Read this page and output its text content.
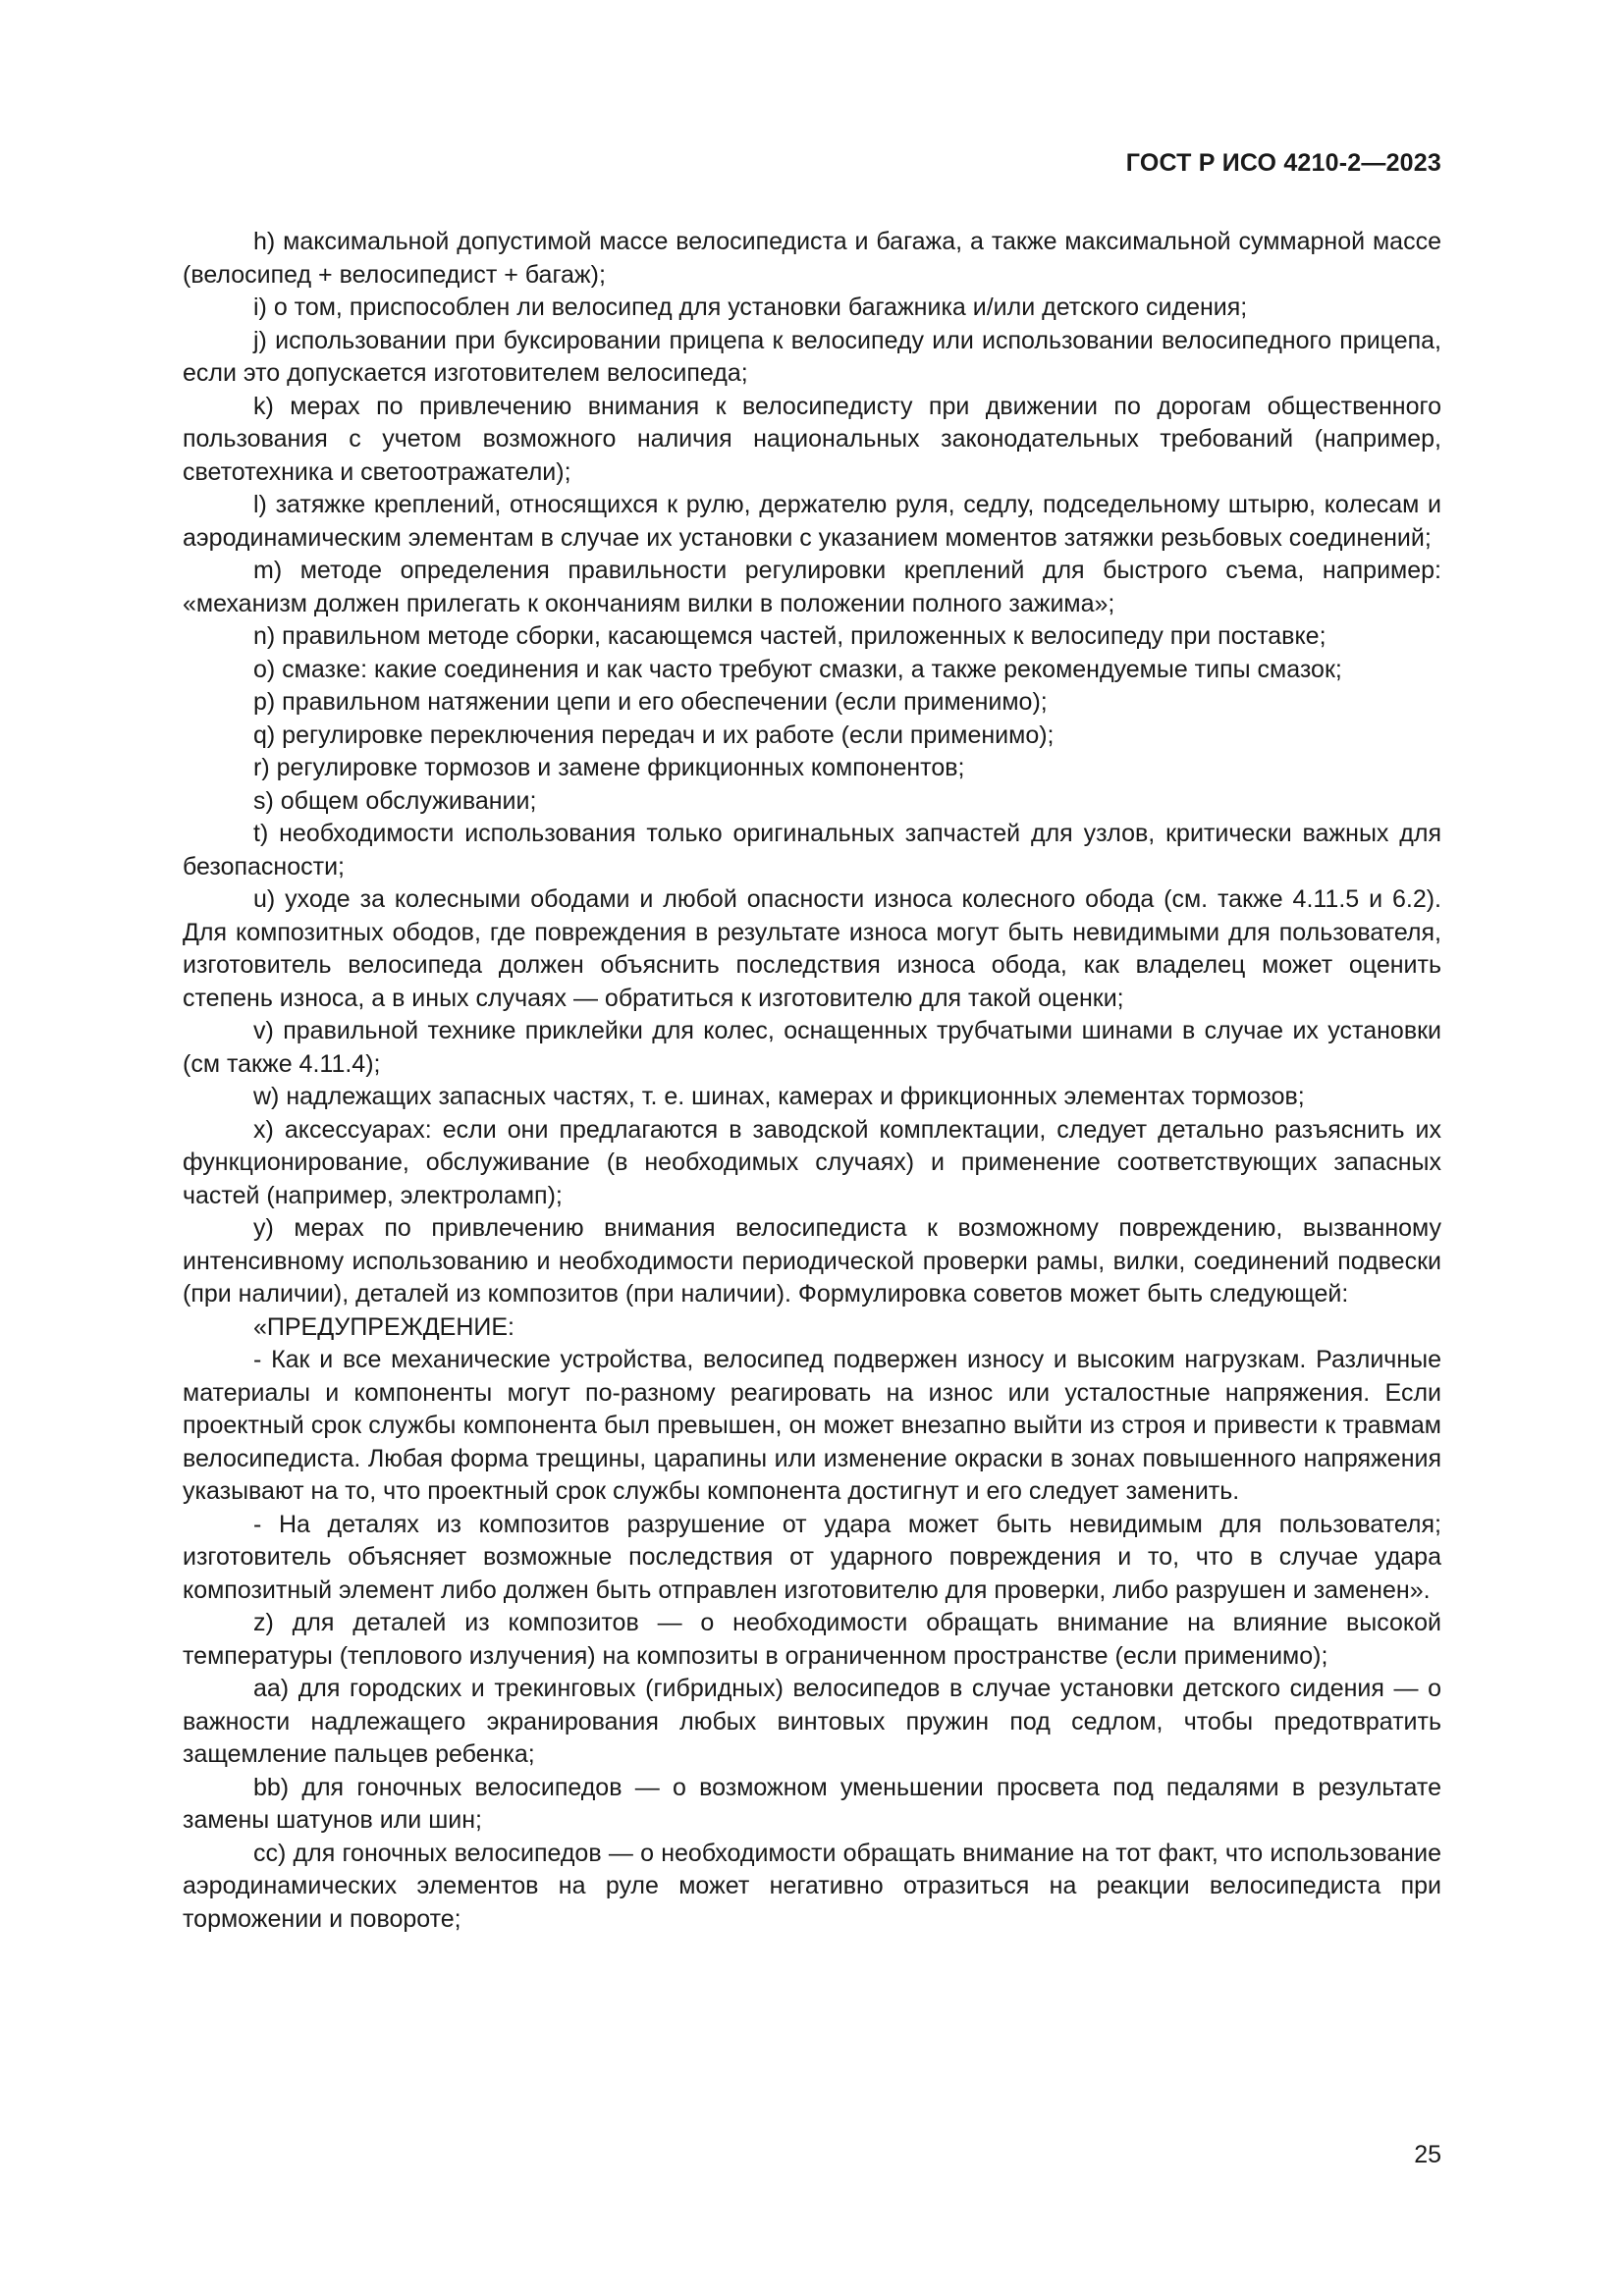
ГОСТ Р ИСО 4210-2—2023

h) максимальной допустимой массе велосипедиста и багажа, а также максимальной суммарной массе (велосипед + велосипедист + багаж);

i) о том, приспособлен ли велосипед для установки багажника и/или детского сидения;

j) использовании при буксировании прицепа к велосипеду или использовании велосипедного прицепа, если это допускается изготовителем велосипеда;

k) мерах по привлечению внимания к велосипедисту при движении по дорогам общественного пользования с учетом возможного наличия национальных законодательных требований (например, светотехника и светоотражатели);

l) затяжке креплений, относящихся к рулю, держателю руля, седлу, подседельному штырю, колесам и аэродинамическим элементам в случае их установки с указанием моментов затяжки резьбовых соединений;

m) методе определения правильности регулировки креплений для быстрого съема, например: «механизм должен прилегать к окончаниям вилки в положении полного зажима»;

n) правильном методе сборки, касающемся частей, приложенных к велосипеду при поставке;

o) смазке: какие соединения и как часто требуют смазки, а также рекомендуемые типы смазок;

p) правильном натяжении цепи и его обеспечении (если применимо);

q) регулировке переключения передач и их работе (если применимо);

r) регулировке тормозов и замене фрикционных компонентов;

s) общем обслуживании;

t) необходимости использования только оригинальных запчастей для узлов, критически важных для безопасности;

u) уходе за колесными ободами и любой опасности износа колесного обода (см. также 4.11.5 и 6.2). Для композитных ободов, где повреждения в результате износа могут быть невидимыми для пользователя, изготовитель велосипеда должен объяснить последствия износа обода, как владелец может оценить степень износа, а в иных случаях — обратиться к изготовителю для такой оценки;

v) правильной технике приклейки для колес, оснащенных трубчатыми шинами в случае их установки (см также 4.11.4);

w) надлежащих запасных частях, т. е. шинах, камерах и фрикционных элементах тормозов;

x) аксессуарах: если они предлагаются в заводской комплектации, следует детально разъяснить их функционирование, обслуживание (в необходимых случаях) и применение соответствующих запасных частей (например, электроламп);

y) мерах по привлечению внимания велосипедиста к возможному повреждению, вызванному интенсивному использованию и необходимости периодической проверки рамы, вилки, соединений подвески (при наличии), деталей из композитов (при наличии). Формулировка советов может быть следующей:

«ПРЕДУПРЕЖДЕНИЕ:

- Как и все механические устройства, велосипед подвержен износу и высоким нагрузкам. Различные материалы и компоненты могут по-разному реагировать на износ или усталостные напряжения. Если проектный срок службы компонента был превышен, он может внезапно выйти из строя и привести к травмам велосипедиста. Любая форма трещины, царапины или изменение окраски в зонах повышенного напряжения указывают на то, что проектный срок службы компонента достигнут и его следует заменить.

- На деталях из композитов разрушение от удара может быть невидимым для пользователя; изготовитель объясняет возможные последствия от ударного повреждения и то, что в случае удара композитный элемент либо должен быть отправлен изготовителю для проверки, либо разрушен и заменен».

z) для деталей из композитов — о необходимости обращать внимание на влияние высокой температуры (теплового излучения) на композиты в ограниченном пространстве (если применимо);

aa) для городских и трекинговых (гибридных) велосипедов в случае установки детского сидения — о важности надлежащего экранирования любых винтовых пружин под седлом, чтобы предотвратить защемление пальцев ребенка;

bb) для гоночных велосипедов — о возможном уменьшении просвета под педалями в результате замены шатунов или шин;

cc) для гоночных велосипедов — о необходимости обращать внимание на тот факт, что использование аэродинамических элементов на руле может негативно отразиться на реакции велосипедиста при торможении и повороте;

25
